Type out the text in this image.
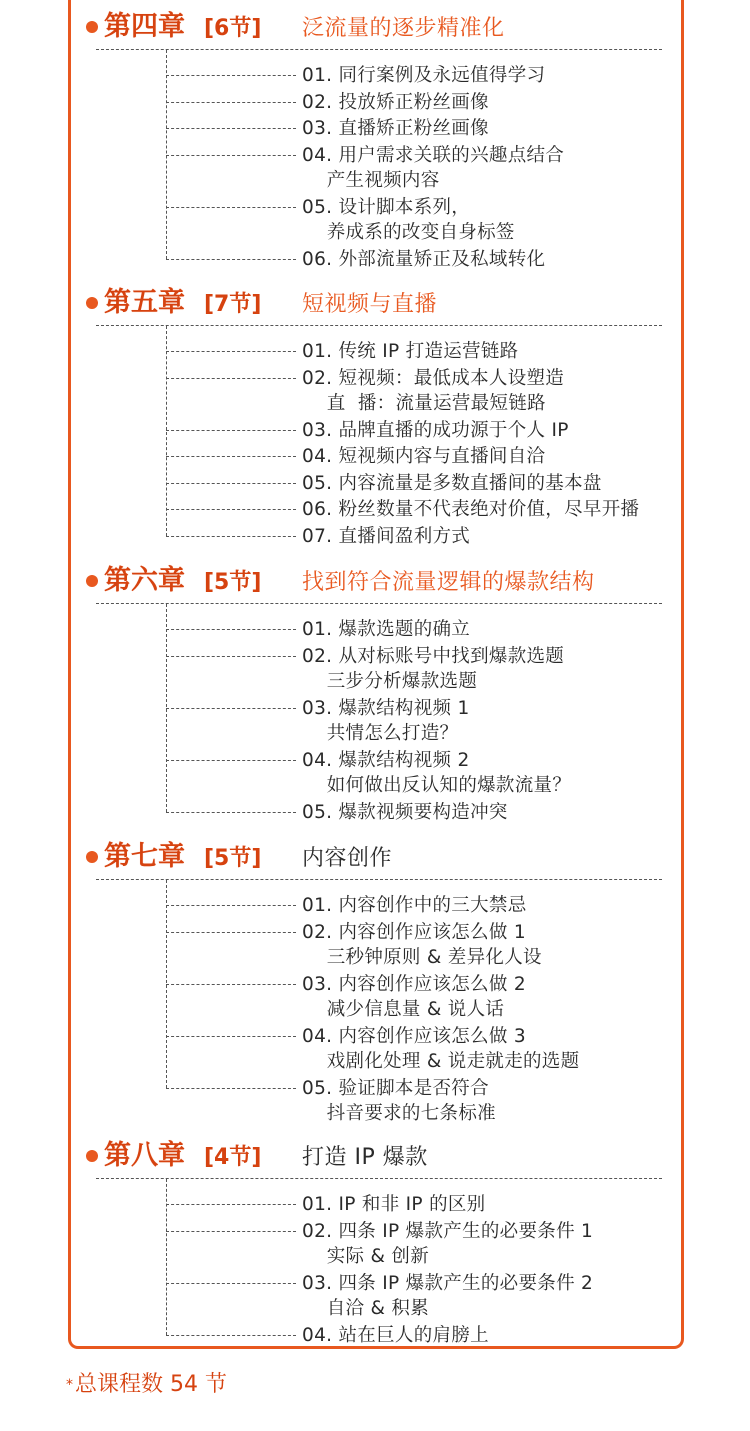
第四章 [6节] 泛流量的逐步精准化
01. 同行案例及永远值得学习
02. 投放矫正粉丝画像
03. 直播矫正粉丝画像
04. 用户需求关联的兴趣点结合
产生视频内容
05. 设计脚本系列，
养成系的改变自身标签
06. 外部流量矫正及私域转化
第五章 [7节] 短视频与直播
01. 传统 IP 打造运营链路
02. 短视频：最低成本人设塑造
直  播：流量运营最短链路
03. 品牌直播的成功源于个人 IP
04. 短视频内容与直播间自洽
05. 内容流量是多数直播间的基本盘
06. 粉丝数量不代表绝对价值，尽早开播
07. 直播间盈利方式
第六章 [5节] 找到符合流量逻辑的爆款结构
01. 爆款选题的确立
02. 从对标账号中找到爆款选题
三步分析爆款选题
03. 爆款结构视频 1
共情怎么打造？
04. 爆款结构视频 2
如何做出反认知的爆款流量？
05. 爆款视频要构造冲突
第七章 [5节] 内容创作
01. 内容创作中的三大禁忌
02. 内容创作应该怎么做 1
三秒钟原则 & 差异化人设
03. 内容创作应该怎么做 2
减少信息量 & 说人话
04. 内容创作应该怎么做 3
戏剧化处理 & 说走就走的选题
05. 验证脚本是否符合
抖音要求的七条标准
第八章 [4节] 打造 IP 爆款
01. IP 和非 IP 的区别
02. 四条 IP 爆款产生的必要条件 1
实际 & 创新
03. 四条 IP 爆款产生的必要条件 2
自洽 & 积累
04. 站在巨人的肩膀上
*总课程数 54 节
